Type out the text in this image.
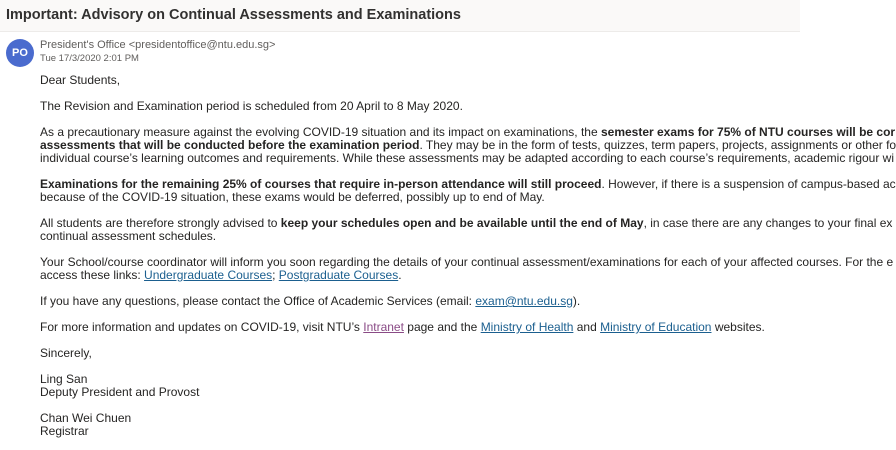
Important: Advisory on Continual Assessments and Examinations
PO
President's Office <presidentoffice@ntu.edu.sg>
Tue 17/3/2020 2:01 PM

Dear Students,

The Revision and Examination period is scheduled from 20 April to 8 May 2020.

As a precautionary measure against the evolving COVID-19 situation and its impact on examinations, the semester exams for 75% of NTU courses will be cor

assessments that will be conducted before the examination period. They may be in the form of tests, quizzes, term papers, projects, assignments or other fo

individual course’s learning outcomes and requirements. While these assessments may be adapted according to each course’s requirements, academic rigour wi

Examinations for the remaining 25% of courses that require in-person attendance will still proceed. However, if there is a suspension of campus-based ac

because of the COVID-19 situation, these exams would be deferred, possibly up to end of May.

All students are therefore strongly advised to keep your schedules open and be available until the end of May, in case there are any changes to your final ex

continual assessment schedules.

Your School/course coordinator will inform you soon regarding the details of your continual assessment/examinations for each of your affected courses. For the e

access these links: Undergraduate Courses; Postgraduate Courses.

If you have any questions, please contact the Office of Academic Services (email: exam@ntu.edu.sg).

For more information and updates on COVID-19, visit NTU’s Intranet page and the Ministry of Health and Ministry of Education websites.

Sincerely,

Ling San

Deputy President and Provost

Chan Wei Chuen

Registrar
